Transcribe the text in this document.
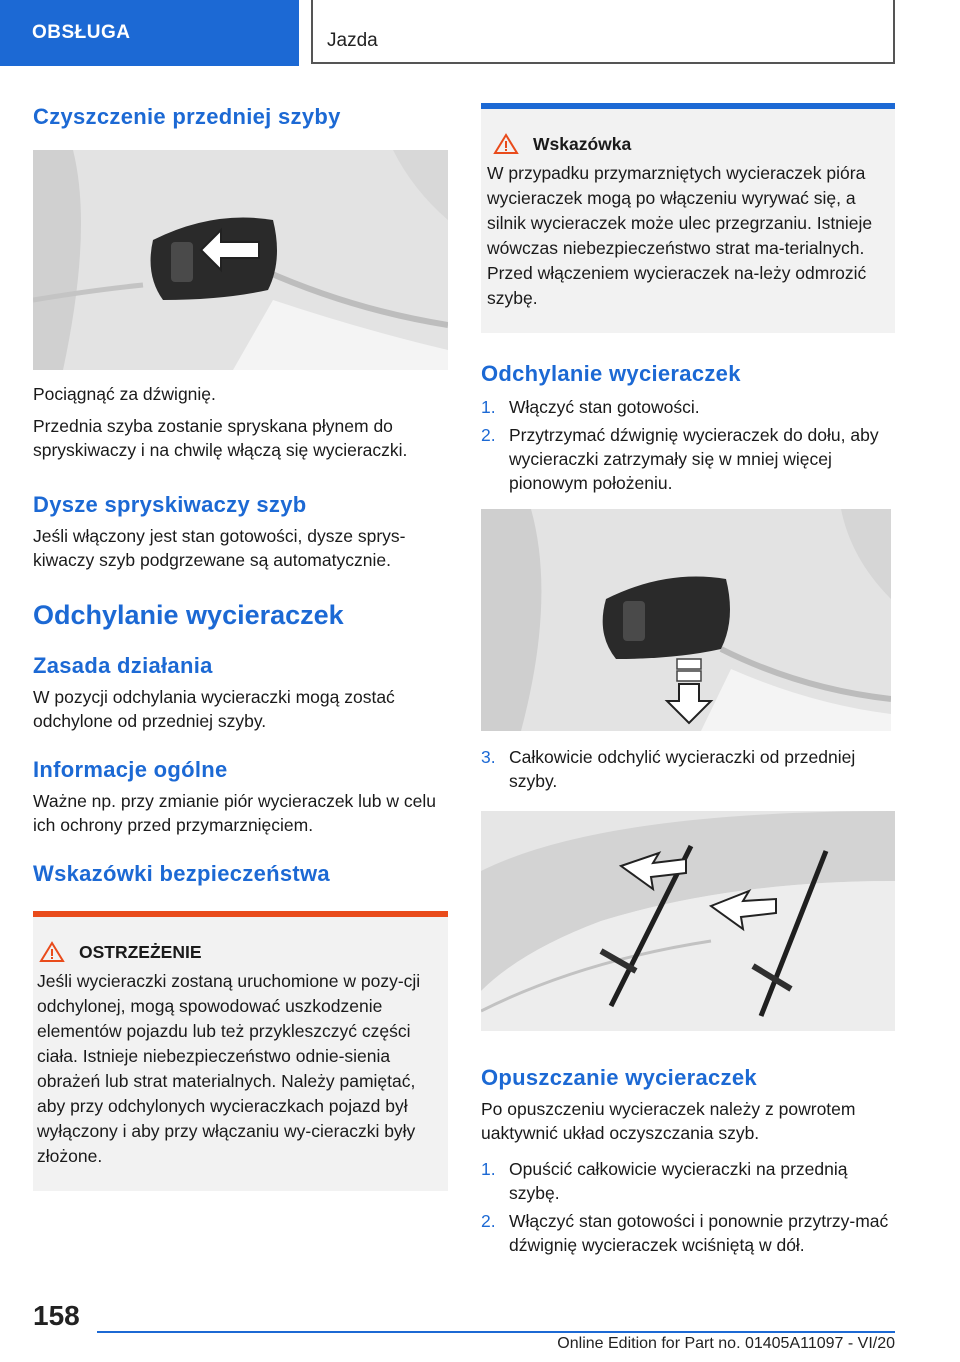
OBSŁUGA	Jazda
Czyszczenie przedniej szyby

Pociągnąć za dźwignię.

Przednia szyba zostanie spryskana płynem do spryskiwaczy i na chwilę włączą się wycieraczki.

Dysze spryskiwaczy szyb

Jeśli włączony jest stan gotowości, dysze sprys-kiwaczy szyb podgrzewane są automatycznie.

Odchylanie wycieraczek
Zasada działania

W pozycji odchylania wycieraczki mogą zostać odchylone od przedniej szyby.

Informacje ogólne

Ważne np. przy zmianie piór wycieraczek lub w celu ich ochrony przed przymarznięciem.

Wskazówki bezpieczeństwa
OSTRZEŻENIE

Jeśli wycieraczki zostaną uruchomione w pozy-cji odchylonej, mogą spowodować uszkodzenie elementów pojazdu lub też przykleszczyć części ciała. Istnieje niebezpieczeństwo odnie-sienia obrażeń lub strat materialnych. Należy pamiętać, aby przy odchylonych wycieraczkach pojazd był wyłączony i aby przy włączaniu wy-cieraczki były złożone.

Wskazówka

W przypadku przymarzniętych wycieraczek pióra wycieraczek mogą po włączeniu wyrywać się, a silnik wycieraczek może ulec przegrzaniu. Istnieje wówczas niebezpieczeństwo strat ma-terialnych. Przed włączeniem wycieraczek na-leży odmrozić szybę.

Odchylanie wycieraczek
1. Włączyć stan gotowości.
2. Przytrzymać dźwignię wycieraczek do dołu, aby wycieraczki zatrzymały się w mniej więcej pionowym położeniu.
3. Całkowicie odchylić wycieraczki od przedniej szyby.
Opuszczanie wycieraczek

Po opuszczeniu wycieraczek należy z powrotem uaktywnić układ oczyszczania szyb.

1. Opuścić całkowicie wycieraczki na przednią szybę.
2. Włączyć stan gotowości i ponownie przytrzy-mać dźwignię wycieraczek wciśniętą w dół.
158
Online Edition for Part no. 01405A11097 - VI/20
